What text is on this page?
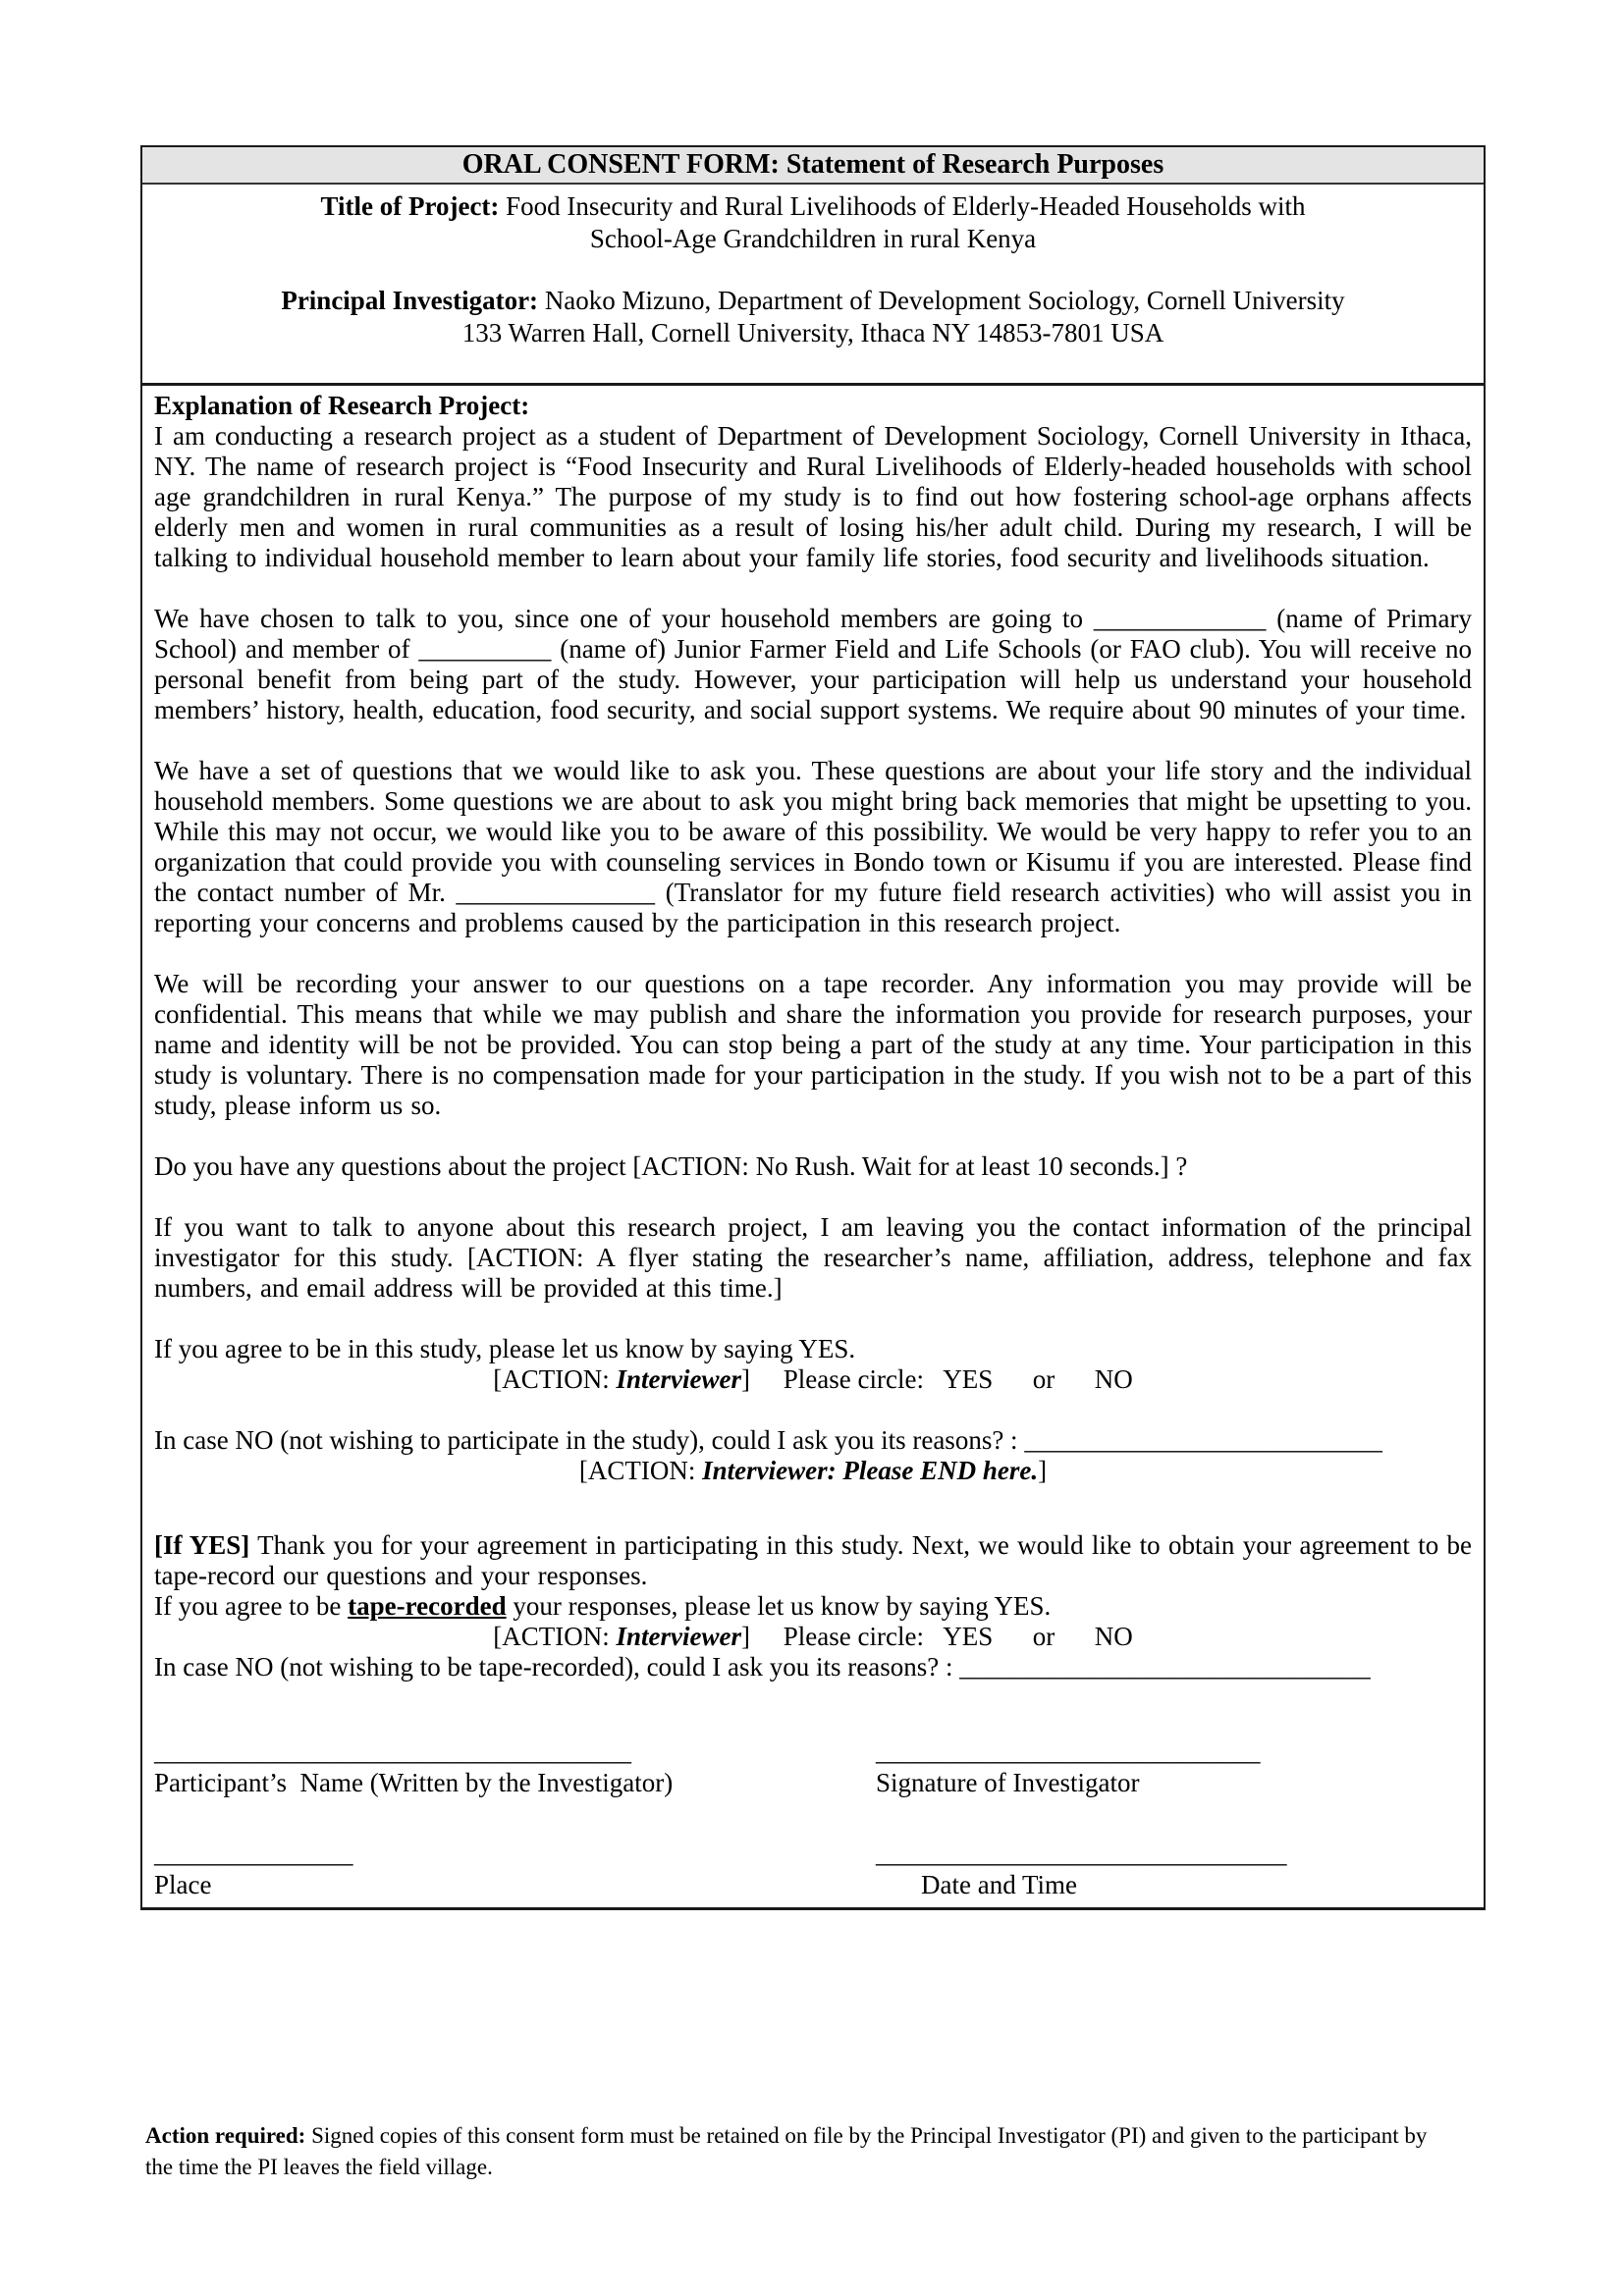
ORAL CONSENT FORM: Statement of Research Purposes

Title of Project: Food Insecurity and Rural Livelihoods of Elderly-Headed Households with

School-Age Grandchildren in rural Kenya

Principal Investigator: Naoko Mizuno, Department of Development Sociology, Cornell University

133 Warren Hall, Cornell University, Ithaca NY 14853-7801 USA

Explanation of Research Project:

I am conducting a research project as a student of Department of Development Sociology, Cornell University in Ithaca, NY. The name of research project is “Food Insecurity and Rural Livelihoods of Elderly-headed households with school age grandchildren in rural Kenya.” The purpose of my study is to find out how fostering school-age orphans affects elderly men and women in rural communities as a result of losing his/her adult child. During my research, I will be talking to individual household member to learn about your family life stories, food security and livelihoods situation.

We have chosen to talk to you, since one of your household members are going to _____________ (name of Primary School) and member of __________ (name of) Junior Farmer Field and Life Schools (or FAO club). You will receive no personal benefit from being part of the study. However, your participation will help us understand your household members’ history, health, education, food security, and social support systems. We require about 90 minutes of your time.

We have a set of questions that we would like to ask you. These questions are about your life story and the individual household members. Some questions we are about to ask you might bring back memories that might be upsetting to you. While this may not occur, we would like you to be aware of this possibility. We would be very happy to refer you to an organization that could provide you with counseling services in Bondo town or Kisumu if you are interested. Please find the contact number of Mr. _______________ (Translator for my future field research activities) who will assist you in reporting your concerns and problems caused by the participation in this research project.

We will be recording your answer to our questions on a tape recorder. Any information you may provide will be confidential. This means that while we may publish and share the information you provide for research purposes, your name and identity will be not be provided. You can stop being a part of the study at any time. Your participation in this study is voluntary. There is no compensation made for your participation in the study. If you wish not to be a part of this study, please inform us so.

Do you have any questions about the project [ACTION: No Rush. Wait for at least 10 seconds.] ?

If you want to talk to anyone about this research project, I am leaving you the contact information of the principal investigator for this study. [ACTION: A flyer stating the researcher’s name, affiliation, address, telephone and fax numbers, and email address will be provided at this time.]

If you agree to be in this study, please let us know by saying YES.

[ACTION: Interviewer]     Please circle:   YES      or      NO

In case NO (not wishing to participate in the study), could I ask you its reasons? : ___________________________

[ACTION: Interviewer: Please END here.]

[If YES] Thank you for your agreement in participating in this study. Next, we would like to obtain your agreement to be tape-record our questions and your responses.

If you agree to be tape-recorded your responses, please let us know by saying YES.

[ACTION: Interviewer]     Please circle:   YES      or      NO

In case NO (not wishing to be tape-recorded), could I ask you its reasons? : _______________________________

____________________________________
Participant’s  Name (Written by the Investigator)
_____________________________
Signature of Investigator
_______________
Place
_______________________________
Date and Time
Action required: Signed copies of this consent form must be retained on file by the Principal Investigator (PI) and given to the participant by the time the PI leaves the field village.
